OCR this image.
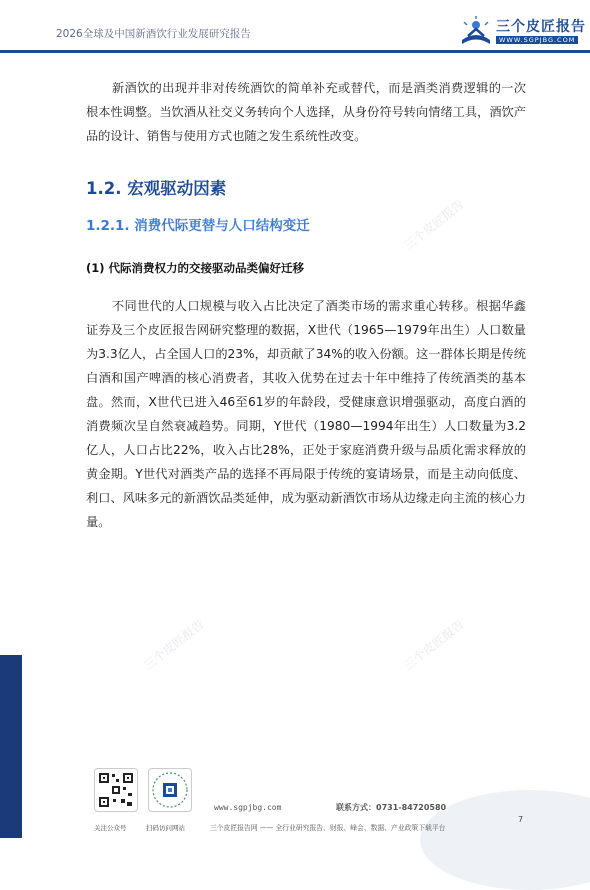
2026全球及中国新酒饮行业发展研究报告	三个皮匠报告
WWW.SGPJBG.COM
三个皮匠报告
三个皮匠报告	三个皮匠报告
新酒饮的出现并非对传统酒饮的简单补充或替代，而是酒类消费逻辑的一次根本性调整。当饮酒从社交义务转向个人选择，从身份符号转向情绪工具，酒饮产品的设计、销售与使用方式也随之发生系统性改变。
1.2. 宏观驱动因素
1.2.1. 消费代际更替与人口结构变迁
(1) 代际消费权力的交接驱动品类偏好迁移
不同世代的人口规模与收入占比决定了酒类市场的需求重心转移。根据华鑫证券及三个皮匠报告网研究整理的数据，X世代（1965—1979年出生）人口数量为3.3亿人，占全国人口的23%，却贡献了34%的收入份额。这一群体长期是传统白酒和国产啤酒的核心消费者，其收入优势在过去十年中维持了传统酒类的基本盘。然而，X世代已进入46至61岁的年龄段，受健康意识增强驱动，高度白酒的消费频次呈自然衰减趋势。同期，Y世代（1980—1994年出生）人口数量为3.2亿人，人口占比22%，收入占比28%，正处于家庭消费升级与品质化需求释放的黄金期。Y世代对酒类产品的选择不再局限于传统的宴请场景，而是主动向低度、利口、风味多元的新酒饮品类延伸，成为驱动新酒饮市场从边缘走向主流的核心力量。
关注公众号	扫码访问网站
www.sgpjbg.com	联系方式：0731-84720580
三个皮匠报告网 —— 全行业研究报告、财报、峰会、数据、产业政策下载平台
7
